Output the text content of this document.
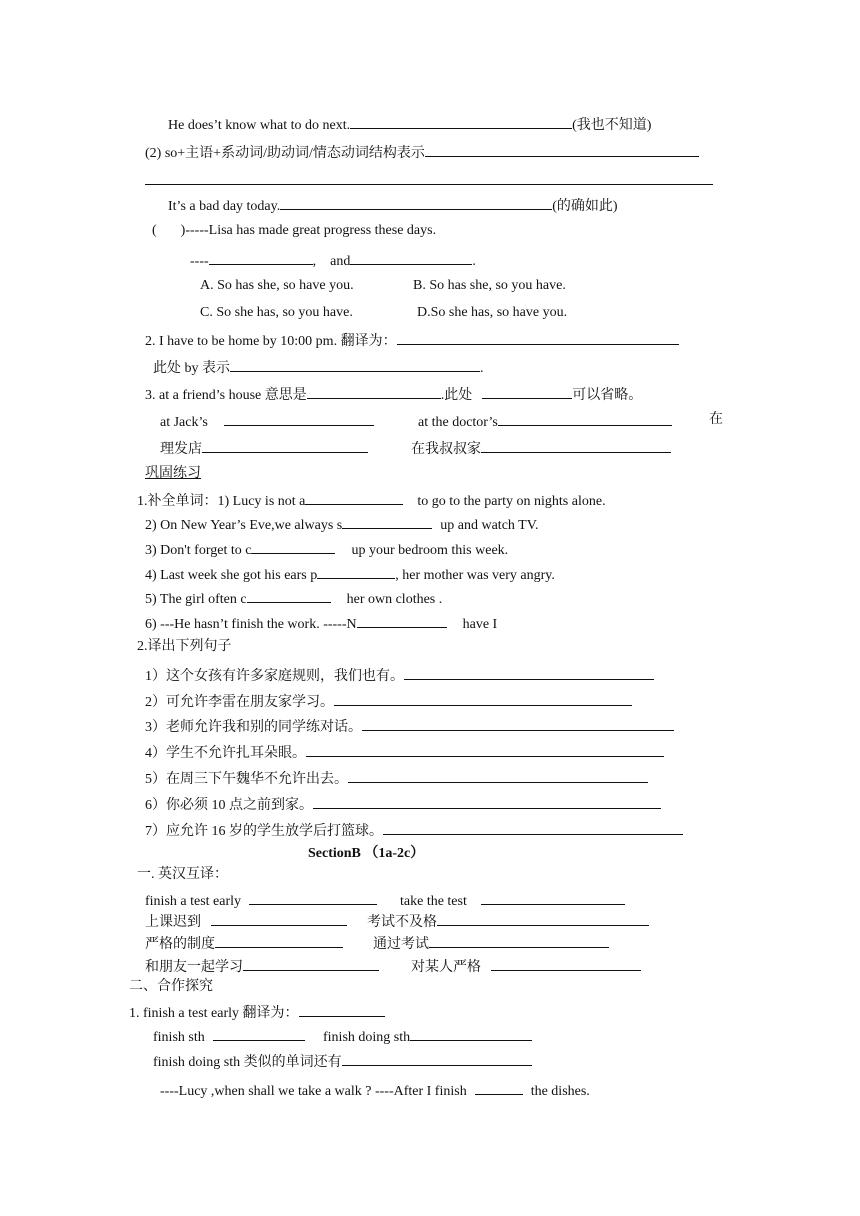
He does’t know what to do next.	(我也不知道)
(2) so+主语+系动词/助动词/情态动词结构表示
It’s a bad day today.	(的确如此)
( )-----Lisa has made great progress these days.
----	, and	.
A. So has she, so have you.	B. So has she, so you have.
C. So she has, so you have.	D.So she has, so have you.
2. I have to be home by 10:00 pm. 翻译为：
此处 by 表示	.
3. at a friend’s house 意思是	.此处	可以省略。
at Jack’s	at the doctor’s	在
理发店	在我叔叔家
巩固练习
1.补全单词：1) Lucy is not a	to go to the party on nights alone.
2) On New Year’s Eve,we always s	up and watch TV.
3) Don't forget to c	up your bedroom this week.
4) Last week she got his ears p	, her mother was very angry.
5) The girl often c	her own clothes .
6) ---He hasn’t finish the work. -----N	have I
2.译出下列句子
1）这个女孩有许多家庭规则，我们也有。
2）可允许李雷在朋友家学习。
3）老师允许我和别的同学练对话。
4）学生不允许扎耳朵眼。
5）在周三下午魏华不允许出去。
6）你必须 10 点之前到家。
7）应允许 16 岁的学生放学后打篮球。
SectionB （1a-2c）
一. 英汉互译：
finish a test early	take the test
上课迟到	考试不及格
严格的制度	通过考试
和朋友一起学习	对某人严格
二、合作探究
1. finish a test early 翻译为：
finish sth	finish doing sth
finish doing sth 类似的单词还有
----Lucy ,when shall we take a walk ? ----After I finish	the dishes.
